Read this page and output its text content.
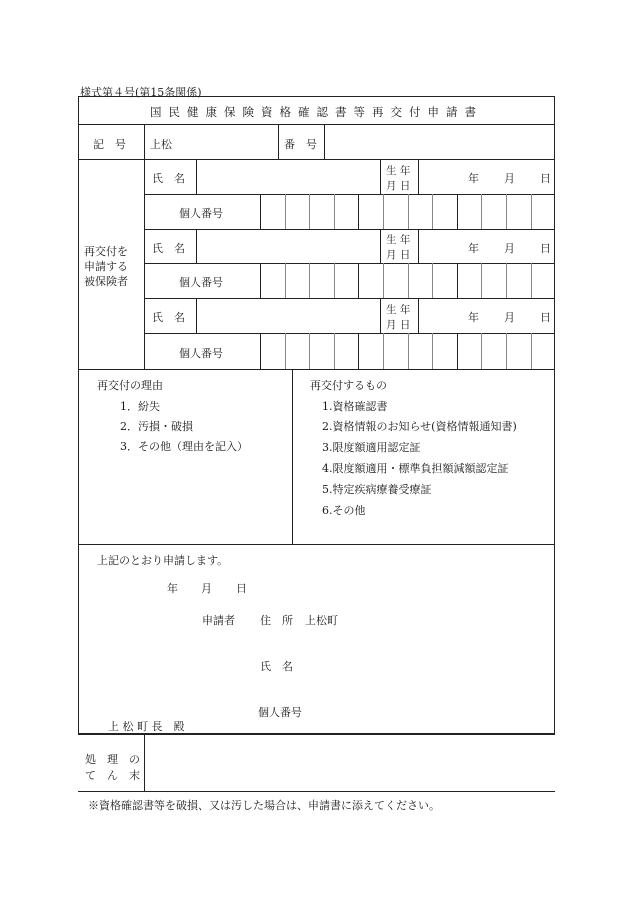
様式第４号(第15条関係)
国民健康保険資格確認書等再交付申請書
記　号 上松	番　号
再交付を
申請する
被保険者
氏　名
生 年
月 日
年 月 日
個人番号
氏　名
生 年
月 日	年 月 日
個人番号
氏　名
生 年
月 日
年 月 日
個人番号
再交付の理由
1．紛失
2．汚損・破損
3．その他（理由を記入）
再交付するもの
1.資格確認書
2.資格情報のお知らせ(資格情報通知書)
3.限度額適用認定証
4.限度額適用・標準負担額減額認定証
5.特定疾病療養受療証
6.その他
上記のとおり申請します。
年 月 日
申請者 住　所 上松町
氏　名
個人番号
上 松 町 長　殿
処　理　の
て　ん　末
※資格確認書等を破損、又は汚した場合は、申請書に添えてください。
